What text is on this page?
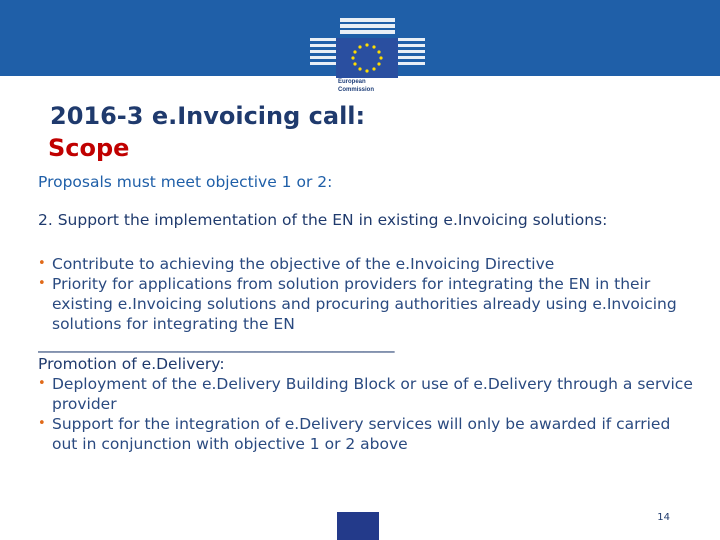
European
Commission
2016-3 e.Invoicing call:
Scope

Proposals must meet objective 1 or 2:

2. Support the implementation of the EN in existing e.Invoicing solutions:

• Contribute to achieving the objective of the e.Invoicing Directive
• Priority for applications from solution providers for integrating the EN in their existing e.Invoicing solutions and procuring authorities already using e.Invoicing solutions for integrating the EN

______________________________________________

Promotion of e.Delivery:

• Deployment of the e.Delivery Building Block or use of e.Delivery through a service provider
• Support for the integration of e.Delivery services will only be awarded if carried out in conjunction with objective 1 or 2 above
14
